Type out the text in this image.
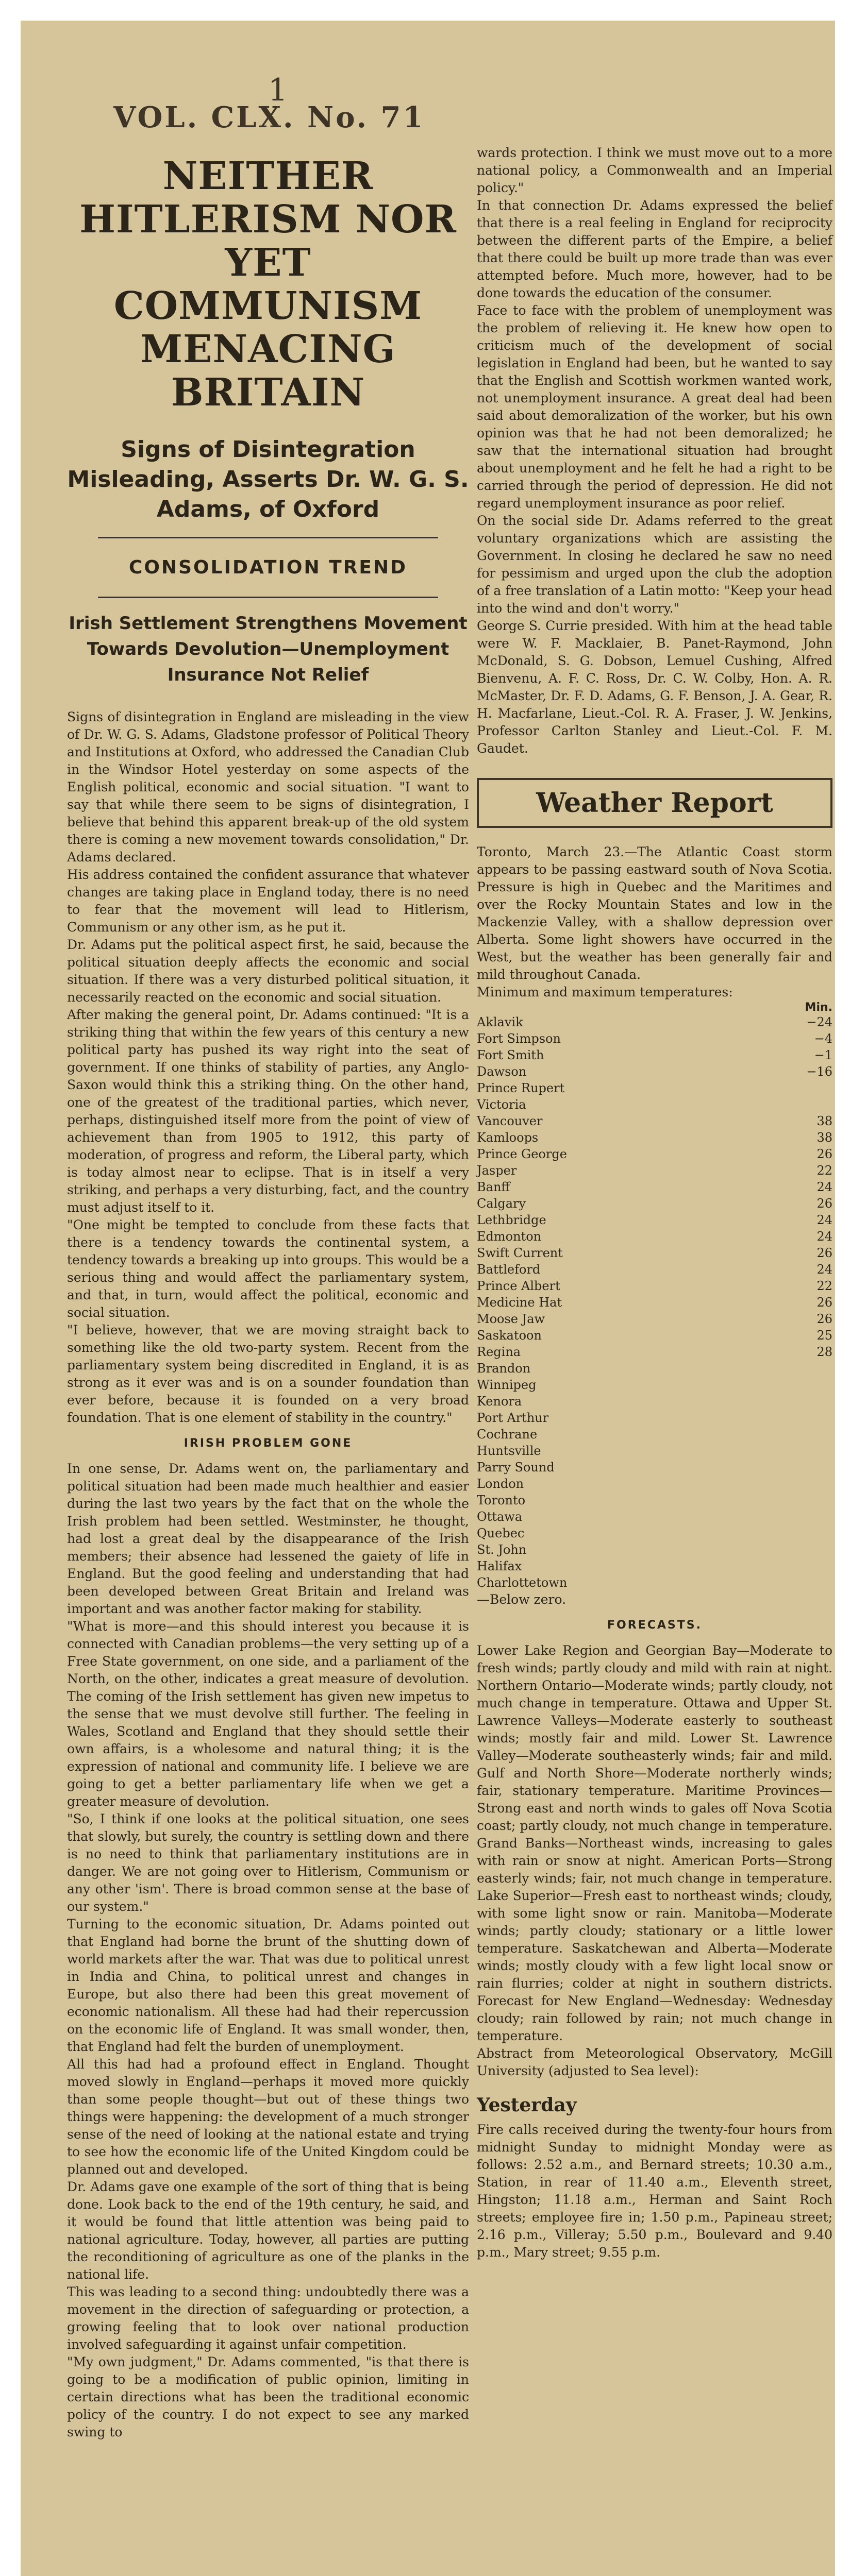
1
VOL. CLX. No. 71
NEITHER HITLERISM NOR YET COMMUNISM MENACING BRITAIN
Signs of Disintegration Misleading, Asserts Dr. W. G. S. Adams, of Oxford
CONSOLIDATION TREND
Irish Settlement Strengthens Movement Towards Devolution—Unemployment Insurance Not Relief

Signs of disintegration in England are misleading in the view of Dr. W. G. S. Adams, Gladstone professor of Political Theory and Institutions at Oxford, who addressed the Canadian Club in the Windsor Hotel yesterday on some aspects of the English political, economic and social situation. "I want to say that while there seem to be signs of disintegration, I believe that behind this apparent break-up of the old system there is coming a new movement towards consolidation," Dr. Adams declared.

His address contained the confident assurance that whatever changes are taking place in England today, there is no need to fear that the movement will lead to Hitlerism, Communism or any other ism, as he put it.

Dr. Adams put the political aspect first, he said, because the political situation deeply affects the economic and social situation. If there was a very disturbed political situation, it necessarily reacted on the economic and social situation.

After making the general point, Dr. Adams continued: "It is a striking thing that within the few years of this century a new political party has pushed its way right into the seat of government. If one thinks of stability of parties, any Anglo-Saxon would think this a striking thing. On the other hand, one of the greatest of the traditional parties, which never, perhaps, distinguished itself more from the point of view of achievement than from 1905 to 1912, this party of moderation, of progress and reform, the Liberal party, which is today almost near to eclipse. That is in itself a very striking, and perhaps a very disturbing, fact, and the country must adjust itself to it.

"One might be tempted to conclude from these facts that there is a tendency towards the continental system, a tendency towards a breaking up into groups. This would be a serious thing and would affect the parliamentary system, and that, in turn, would affect the political, economic and social situation.

"I believe, however, that we are moving straight back to something like the old two-party system. Recent from the parliamentary system being discredited in England, it is as strong as it ever was and is on a sounder foundation than ever before, because it is founded on a very broad foundation. That is one element of stability in the country."

IRISH PROBLEM GONE

In one sense, Dr. Adams went on, the parliamentary and political situation had been made much healthier and easier during the last two years by the fact that on the whole the Irish problem had been settled. Westminster, he thought, had lost a great deal by the disappearance of the Irish members; their absence had lessened the gaiety of life in England. But the good feeling and understanding that had been developed between Great Britain and Ireland was important and was another factor making for stability.

"What is more—and this should interest you because it is connected with Canadian problems—the very setting up of a Free State government, on one side, and a parliament of the North, on the other, indicates a great measure of devolution. The coming of the Irish settlement has given new impetus to the sense that we must devolve still further. The feeling in Wales, Scotland and England that they should settle their own affairs, is a wholesome and natural thing; it is the expression of national and community life. I believe we are going to get a better parliamentary life when we get a greater measure of devolution.

"So, I think if one looks at the political situation, one sees that slowly, but surely, the country is settling down and there is no need to think that parliamentary institutions are in danger. We are not going over to Hitlerism, Communism or any other 'ism'. There is broad common sense at the base of our system."

Turning to the economic situation, Dr. Adams pointed out that England had borne the brunt of the shutting down of world markets after the war. That was due to political unrest in India and China, to political unrest and changes in Europe, but also there had been this great movement of economic nationalism. All these had had their repercussion on the economic life of England. It was small wonder, then, that England had felt the burden of unemployment.

All this had had a profound effect in England. Thought moved slowly in England—perhaps it moved more quickly than some people thought—but out of these things two things were happening: the development of a much stronger sense of the need of looking at the national estate and trying to see how the economic life of the United Kingdom could be planned out and developed.

Dr. Adams gave one example of the sort of thing that is being done. Look back to the end of the 19th century, he said, and it would be found that little attention was being paid to national agriculture. Today, however, all parties are putting the reconditioning of agriculture as one of the planks in the national life.

This was leading to a second thing: undoubtedly there was a movement in the direction of safeguarding or protection, a growing feeling that to look over national production involved safeguarding it against unfair competition.

"My own judgment," Dr. Adams commented, "is that there is going to be a modification of public opinion, limiting in certain directions what has been the traditional economic policy of the country. I do not expect to see any marked swing to

wards protection. I think we must move out to a more national policy, a Commonwealth and an Imperial policy."

In that connection Dr. Adams expressed the belief that there is a real feeling in England for reciprocity between the different parts of the Empire, a belief that there could be built up more trade than was ever attempted before. Much more, however, had to be done towards the education of the consumer.

Face to face with the problem of unemployment was the problem of relieving it. He knew how open to criticism much of the development of social legislation in England had been, but he wanted to say that the English and Scottish workmen wanted work, not unemployment insurance. A great deal had been said about demoralization of the worker, but his own opinion was that he had not been demoralized; he saw that the international situation had brought about unemployment and he felt he had a right to be carried through the period of depression. He did not regard unemployment insurance as poor relief.

On the social side Dr. Adams referred to the great voluntary organizations which are assisting the Government. In closing he declared he saw no need for pessimism and urged upon the club the adoption of a free translation of a Latin motto: "Keep your head into the wind and don't worry."

George S. Currie presided. With him at the head table were W. F. Macklaier, B. Panet-Raymond, John McDonald, S. G. Dobson, Lemuel Cushing, Alfred Bienvenu, A. F. C. Ross, Dr. C. W. Colby, Hon. A. R. McMaster, Dr. F. D. Adams, G. F. Benson, J. A. Gear, R. H. Macfarlane, Lieut.-Col. R. A. Fraser, J. W. Jenkins, Professor Carlton Stanley and Lieut.-Col. F. M. Gaudet.

Weather Report

Toronto, March 23.—The Atlantic Coast storm appears to be passing eastward south of Nova Scotia. Pressure is high in Quebec and the Maritimes and over the Rocky Mountain States and low in the Mackenzie Valley, with a shallow depression over Alberta. Some light showers have occurred in the West, but the weather has been generally fair and mild throughout Canada.

Minimum and maximum temperatures:

Min.
Aklavik	−24
Fort Simpson	−4
Fort Smith	−1
Dawson	−16
Prince Rupert
Victoria
Vancouver	38
Kamloops	38
Prince George	26
Jasper	22
Banff	24
Calgary	26
Lethbridge	24
Edmonton	24
Swift Current	26
Battleford	24
Prince Albert	22
Medicine Hat	26
Moose Jaw	26
Saskatoon	25
Regina	28
Brandon
Winnipeg
Kenora
Port Arthur
Cochrane
Huntsville
Parry Sound
London
Toronto
Ottawa
Quebec
St. John
Halifax
Charlottetown

—Below zero.

FORECASTS.

Lower Lake Region and Georgian Bay—Moderate to fresh winds; partly cloudy and mild with rain at night. Northern Ontario—Moderate winds; partly cloudy, not much change in temperature. Ottawa and Upper St. Lawrence Valleys—Moderate easterly to southeast winds; mostly fair and mild. Lower St. Lawrence Valley—Moderate southeasterly winds; fair and mild. Gulf and North Shore—Moderate northerly winds; fair, stationary temperature. Maritime Provinces—Strong east and north winds to gales off Nova Scotia coast; partly cloudy, not much change in temperature. Grand Banks—Northeast winds, increasing to gales with rain or snow at night. American Ports—Strong easterly winds; fair, not much change in temperature. Lake Superior—Fresh east to northeast winds; cloudy, with some light snow or rain. Manitoba—Moderate winds; partly cloudy; stationary or a little lower temperature. Saskatchewan and Alberta—Moderate winds; mostly cloudy with a few light local snow or rain flurries; colder at night in southern districts. Forecast for New England—Wednesday: Wednesday cloudy; rain followed by rain; not much change in temperature.

Abstract from Meteorological Observatory, McGill University (adjusted to Sea level):

Yesterday

Fire calls received during the twenty-four hours from midnight Sunday to midnight Monday were as follows: 2.52 a.m., and Bernard streets; 10.30 a.m., Station, in rear of 11.40 a.m., Eleventh street, Hingston; 11.18 a.m., Herman and Saint Roch streets; employee fire in; 1.50 p.m., Papineau street; 2.16 p.m., Villeray; 5.50 p.m., Boulevard and 9.40 p.m., Mary street; 9.55 p.m.
